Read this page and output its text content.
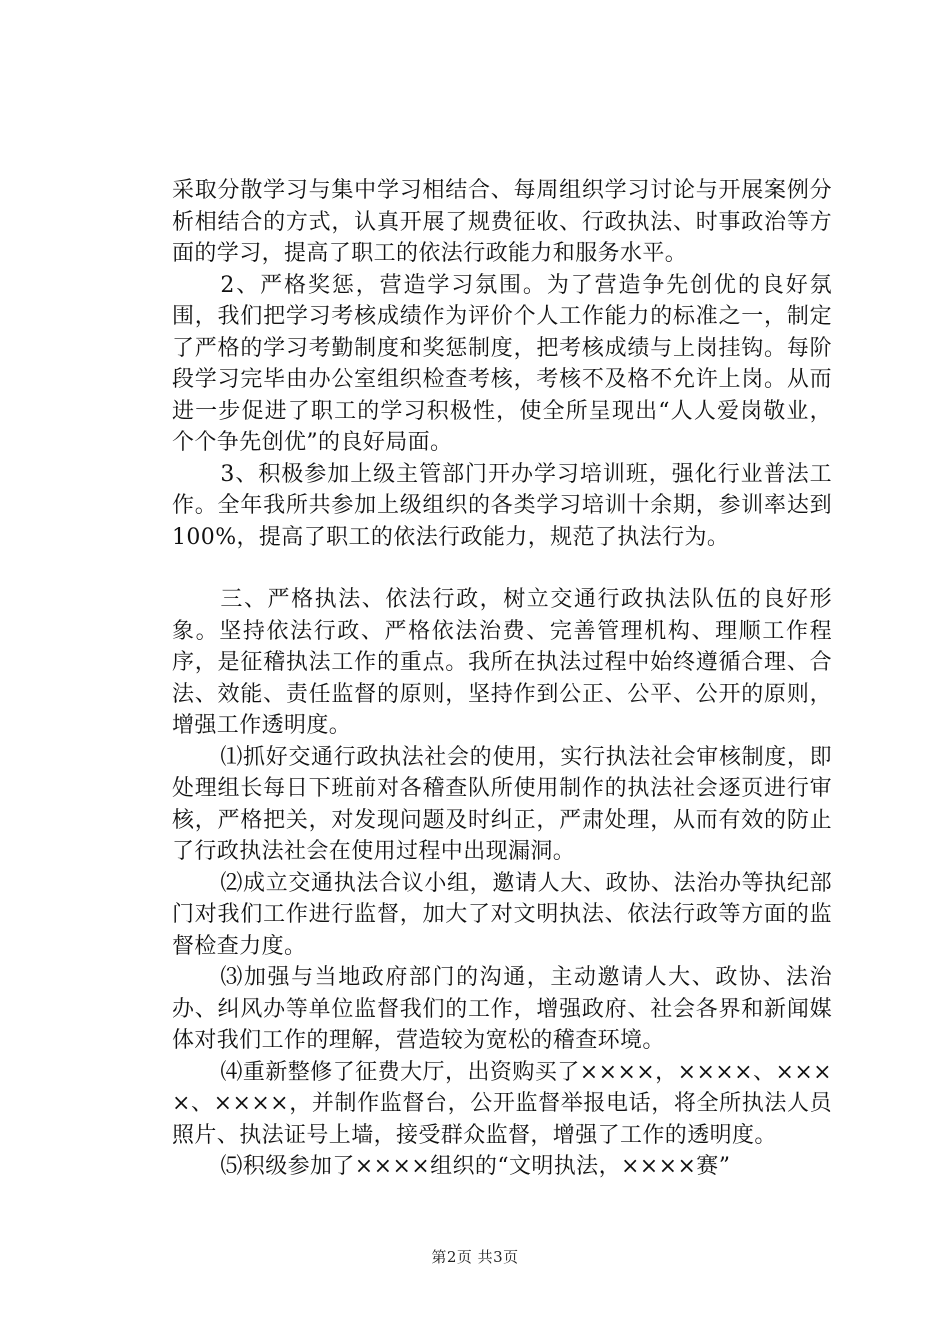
采取分散学习与集中学习相结合、每周组织学习讨论与开展案例分析相结合的方式，认真开展了规费征收、行政执法、时事政治等方面的学习，提高了职工的依法行政能力和服务水平。

2、严格奖惩，营造学习氛围。为了营造争先创优的良好氛围，我们把学习考核成绩作为评价个人工作能力的标准之一，制定了严格的学习考勤制度和奖惩制度，把考核成绩与上岗挂钩。每阶段学习完毕由办公室组织检查考核，考核不及格不允许上岗。从而进一步促进了职工的学习积极性，使全所呈现出“人人爱岗敬业，个个争先创优”的良好局面。

3、积极参加上级主管部门开办学习培训班，强化行业普法工作。全年我所共参加上级组织的各类学习培训十余期，参训率达到100%，提高了职工的依法行政能力，规范了执法行为。

三、严格执法、依法行政，树立交通行政执法队伍的良好形象。坚持依法行政、严格依法治费、完善管理机构、理顺工作程序，是征稽执法工作的重点。我所在执法过程中始终遵循合理、合法、效能、责任监督的原则，坚持作到公正、公平、公开的原则，增强工作透明度。

⑴抓好交通行政执法社会的使用，实行执法社会审核制度，即处理组长每日下班前对各稽查队所使用制作的执法社会逐页进行审核，严格把关，对发现问题及时纠正，严肃处理，从而有效的防止了行政执法社会在使用过程中出现漏洞。

⑵成立交通执法合议小组，邀请人大、政协、法治办等执纪部门对我们工作进行监督，加大了对文明执法、依法行政等方面的监督检查力度。

⑶加强与当地政府部门的沟通，主动邀请人大、政协、法治办、纠风办等单位监督我们的工作，增强政府、社会各界和新闻媒体对我们工作的理解，营造较为宽松的稽查环境。

⑷重新整修了征费大厅，出资购买了××××，××××、××××、××××，并制作监督台，公开监督举报电话，将全所执法人员照片、执法证号上墙，接受群众监督，增强了工作的透明度。

⑸积级参加了××××组织的“文明执法，××××赛”

第2页 共3页
